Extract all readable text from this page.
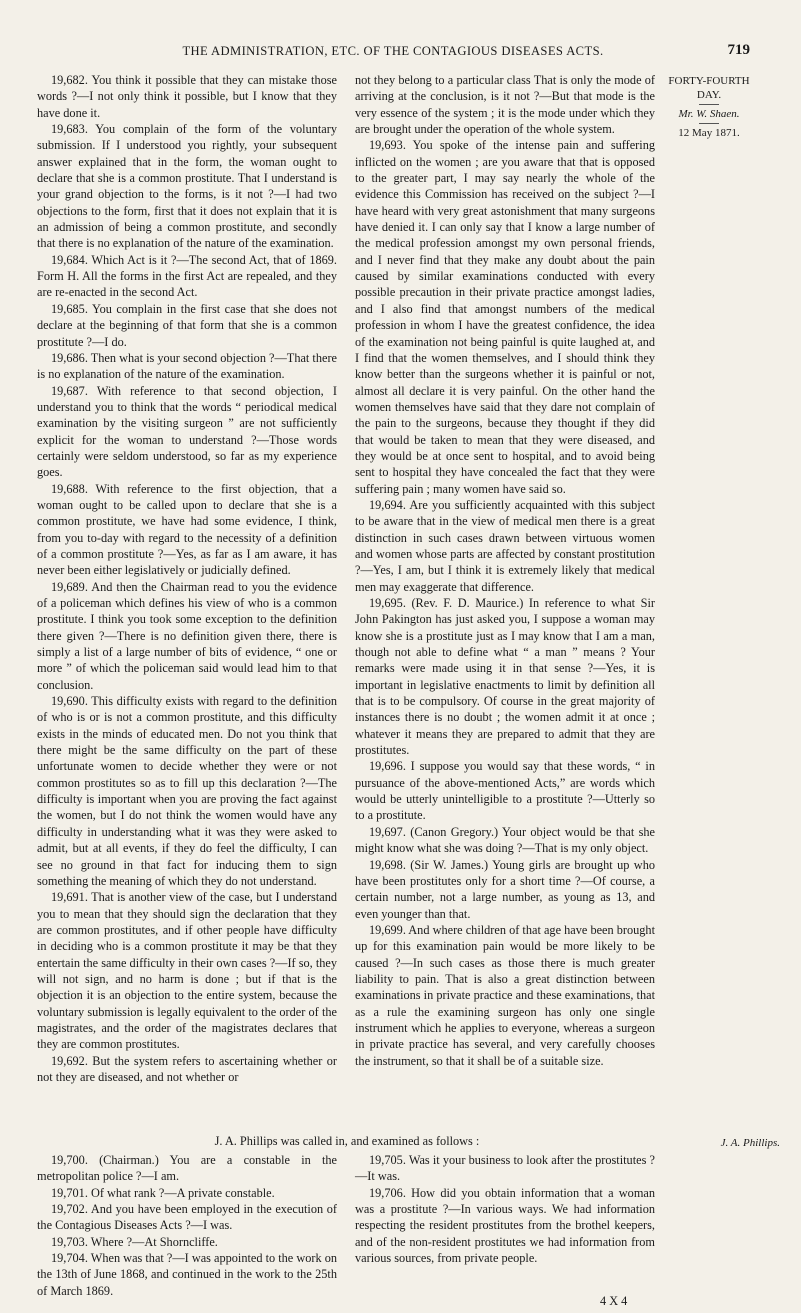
THE ADMINISTRATION, ETC. OF THE CONTAGIOUS DISEASES ACTS.	719
FORTY-FOURTH DAY.
Mr. W. Shaen.
12 May 1871.

19,682. You think it possible that they can mistake those words ?—I not only think it possible, but I know that they have done it.

19,683. You complain of the form of the voluntary submission. If I understood you rightly, your subsequent answer explained that in the form, the woman ought to declare that she is a common prostitute. That I understand is your grand objection to the forms, is it not ?—I had two objections to the form, first that it does not explain that it is an admission of being a common prostitute, and secondly that there is no explanation of the nature of the examination.

19,684. Which Act is it ?—The second Act, that of 1869. Form H. All the forms in the first Act are repealed, and they are re-enacted in the second Act.

19,685. You complain in the first case that she does not declare at the beginning of that form that she is a common prostitute ?—I do.

19,686. Then what is your second objection ?—That there is no explanation of the nature of the examination.

19,687. With reference to that second objection, I understand you to think that the words “ periodical medical examination by the visiting surgeon ” are not sufficiently explicit for the woman to understand ?—Those words certainly were seldom understood, so far as my experience goes.

19,688. With reference to the first objection, that a woman ought to be called upon to declare that she is a common prostitute, we have had some evidence, I think, from you to-day with regard to the necessity of a definition of a common prostitute ?—Yes, as far as I am aware, it has never been either legislatively or judicially defined.

19,689. And then the Chairman read to you the evidence of a policeman which defines his view of who is a common prostitute. I think you took some exception to the definition there given ?—There is no definition given there, there is simply a list of a large number of bits of evidence, “ one or more ” of which the policeman said would lead him to that conclusion.

19,690. This difficulty exists with regard to the definition of who is or is not a common prostitute, and this difficulty exists in the minds of educated men. Do not you think that there might be the same difficulty on the part of these unfortunate women to decide whether they were or not common prostitutes so as to fill up this declaration ?—The difficulty is important when you are proving the fact against the women, but I do not think the women would have any difficulty in understanding what it was they were asked to admit, but at all events, if they do feel the difficulty, I can see no ground in that fact for inducing them to sign something the meaning of which they do not understand.

19,691. That is another view of the case, but I understand you to mean that they should sign the declaration that they are common prostitutes, and if other people have difficulty in deciding who is a common prostitute it may be that they entertain the same difficulty in their own cases ?—If so, they will not sign, and no harm is done ; but if that is the objection it is an objection to the entire system, because the voluntary submission is legally equivalent to the order of the magistrates, and the order of the magistrates declares that they are common prostitutes.

19,692. But the system refers to ascertaining whether or not they are diseased, and not whether or

not they belong to a particular class That is only the mode of arriving at the conclusion, is it not ?—But that mode is the very essence of the system ; it is the mode under which they are brought under the operation of the whole system.

19,693. You spoke of the intense pain and suffering inflicted on the women ; are you aware that that is opposed to the greater part, I may say nearly the whole of the evidence this Commission has received on the subject ?—I have heard with very great astonishment that many surgeons have denied it. I can only say that I know a large number of the medical profession amongst my own personal friends, and I never find that they make any doubt about the pain caused by similar examinations conducted with every possible precaution in their private practice amongst ladies, and I also find that amongst numbers of the medical profession in whom I have the greatest confidence, the idea of the examination not being painful is quite laughed at, and I find that the women themselves, and I should think they know better than the surgeons whether it is painful or not, almost all declare it is very painful. On the other hand the women themselves have said that they dare not complain of the pain to the surgeons, because they thought if they did that would be taken to mean that they were diseased, and they would be at once sent to hospital, and to avoid being sent to hospital they have concealed the fact that they were suffering pain ; many women have said so.

19,694. Are you sufficiently acquainted with this subject to be aware that in the view of medical men there is a great distinction in such cases drawn between virtuous women and women whose parts are affected by constant prostitution ?—Yes, I am, but I think it is extremely likely that medical men may exaggerate that difference.

19,695. (Rev. F. D. Maurice.) In reference to what Sir John Pakington has just asked you, I suppose a woman may know she is a prostitute just as I may know that I am a man, though not able to define what “ a man ” means ? Your remarks were made using it in that sense ?—Yes, it is important in legislative enactments to limit by definition all that is to be compulsory. Of course in the great majority of instances there is no doubt ; the women admit it at once ; whatever it means they are prepared to admit that they are prostitutes.

19,696. I suppose you would say that these words, “ in pursuance of the above-mentioned Acts,” are words which would be utterly unintelligible to a prostitute ?—Utterly so to a prostitute.

19,697. (Canon Gregory.) Your object would be that she might know what she was doing ?—That is my only object.

19,698. (Sir W. James.) Young girls are brought up who have been prostitutes only for a short time ?—Of course, a certain number, not a large number, as young as 13, and even younger than that.

19,699. And where children of that age have been brought up for this examination pain would be more likely to be caused ?—In such cases as those there is much greater liability to pain. That is also a great distinction between examinations in private practice and these examinations, that as a rule the examining surgeon has only one single instrument which he applies to everyone, whereas a surgeon in private practice has several, and very carefully chooses the instrument, so that it shall be of a suitable size.

J. A. Phillips was called in, and examined as follows :	J. A. Phillips.

19,700. (Chairman.) You are a constable in the metropolitan police ?—I am.

19,701. Of what rank ?—A private constable.

19,702. And you have been employed in the execution of the Contagious Diseases Acts ?—I was.

19,703. Where ?—At Shorncliffe.

19,704. When was that ?—I was appointed to the work on the 13th of June 1868, and continued in the work to the 25th of March 1869.

19,705. Was it your business to look after the prostitutes ?—It was.

19,706. How did you obtain information that a woman was a prostitute ?—In various ways. We had information respecting the resident prostitutes from the brothel keepers, and of the non-resident prostitutes we had information from various sources, from private people.

4 X 4
